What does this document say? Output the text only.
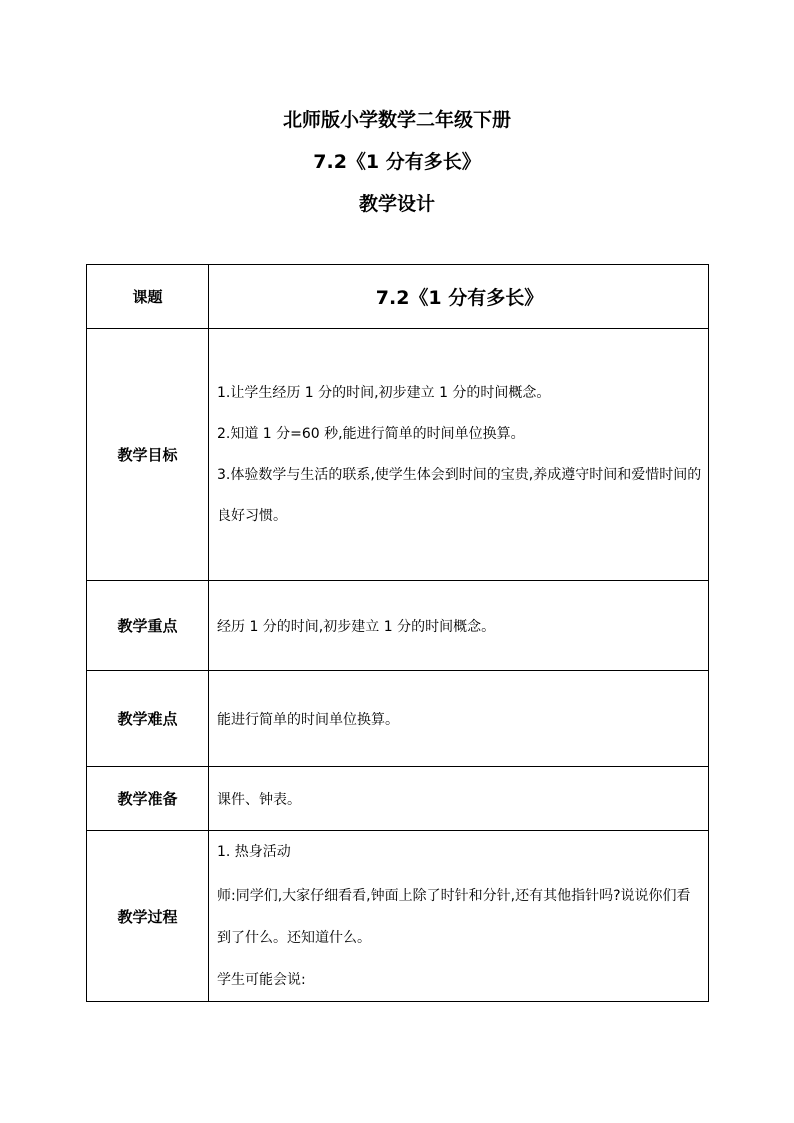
北师版小学数学二年级下册
7.2《1 分有多长》
教学设计
课题	7.2《1 分有多长》
教学目标	1.让学生经历 1 分的时间,初步建立 1 分的时间概念。

2.知道 1 分=60 秒,能进行简单的时间单位换算。

3.体验数学与生活的联系,使学生体会到时间的宝贵,养成遵守时间和爱惜时间的良好习惯。

教学重点	经历 1 分的时间,初步建立 1 分的时间概念。
教学难点	能进行简单的时间单位换算。
教学准备	课件、钟表。
教学过程	1. 热身活动

师:同学们,大家仔细看看,钟面上除了时针和分针,还有其他指针吗?说说你们看到了什么。还知道什么。

学生可能会说:
